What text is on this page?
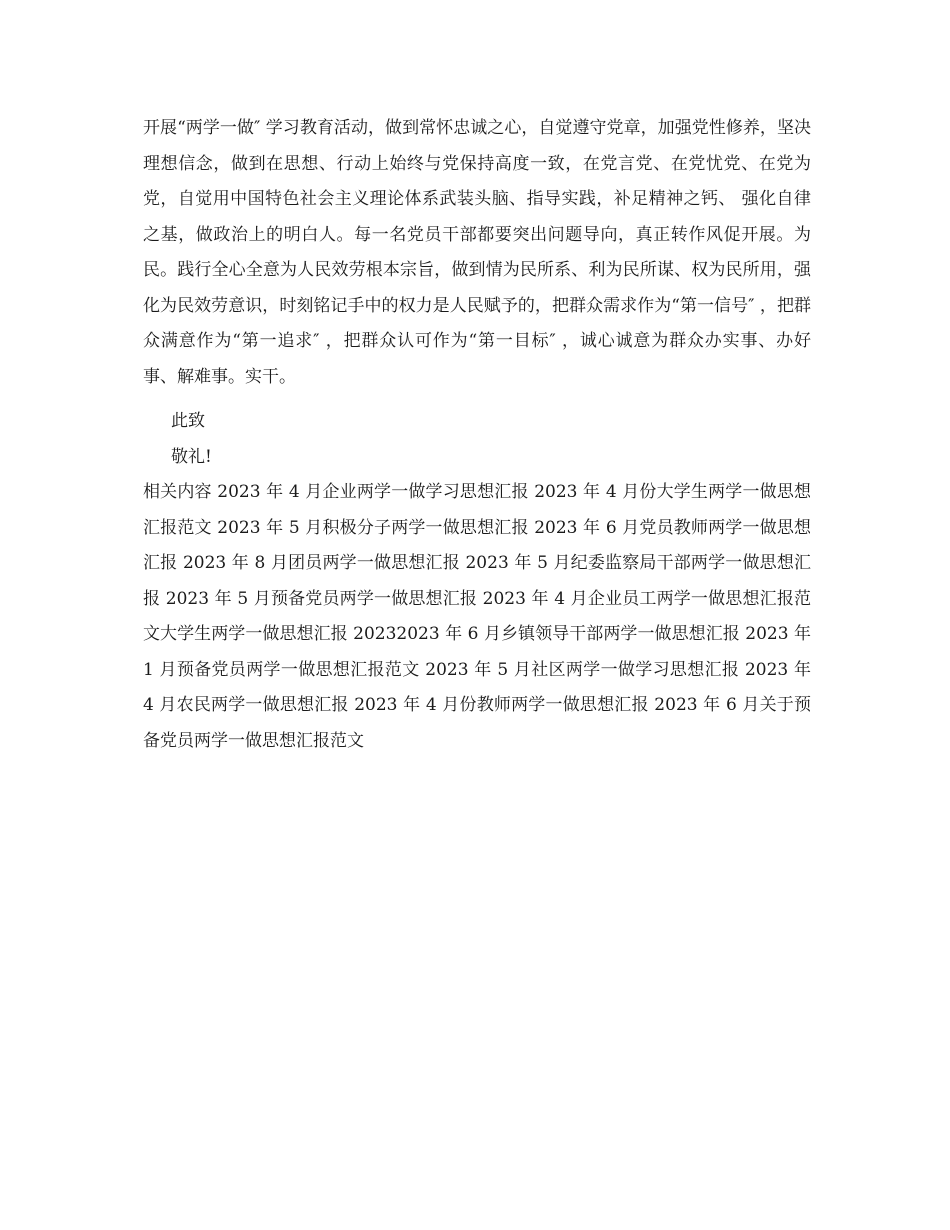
开展“两学一做″ 学习教育活动，做到常怀忠诚之心，自觉遵守党章，加强党性修养，坚决理想信念，做到在思想、行动上始终与党保持高度一致，在党言党、在党忧党、在党为党，自觉用中国特色社会主义理论体系武装头脑、指导实践，补足精神之钙、 强化自律之基，做政治上的明白人。每一名党员干部都要突出问题导向，真正转作风促开展。为民。践行全心全意为人民效劳根本宗旨，做到情为民所系、利为民所谋、权为民所用，强化为民效劳意识，时刻铭记手中的权力是人民赋予的，把群众需求作为“第一信号″ ，把群众满意作为“第一追求″ ，把群众认可作为“第一目标″ ，诚心诚意为群众办实事、办好事、解难事。实干。

此致
敬礼!

相关内容 2023 年 4 月企业两学一做学习思想汇报 2023 年 4 月份大学生两学一做思想汇报范文 2023 年 5 月积极分子两学一做思想汇报 2023 年 6 月党员教师两学一做思想汇报 2023 年 8 月团员两学一做思想汇报 2023 年 5 月纪委监察局干部两学一做思想汇报 2023 年 5 月预备党员两学一做思想汇报 2023 年 4 月企业员工两学一做思想汇报范文大学生两学一做思想汇报 20232023 年 6 月乡镇领导干部两学一做思想汇报 2023 年 1 月预备党员两学一做思想汇报范文 2023 年 5 月社区两学一做学习思想汇报 2023 年 4 月农民两学一做思想汇报 2023 年 4 月份教师两学一做思想汇报 2023 年 6 月关于预备党员两学一做思想汇报范文
